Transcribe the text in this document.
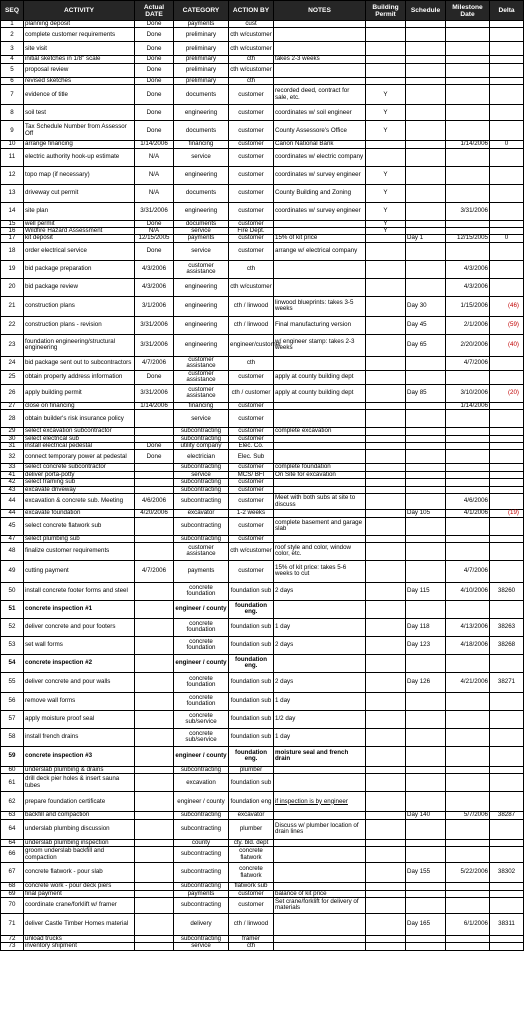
SEQ	ACTIVITY	Actual DATE	CATEGORY	ACTION BY	NOTES	Building Permit	Schedule	Milestone Date	Delta
1	planning deposit	Done	payments	cust					
2	complete customer requirements	Done	preliminary	cth w/customer					
3	site visit	Done	preliminary	cth w/customer					
4	initial sketches in 1/8" scale	Done	preliminary	cth	takes 2-3 weeks				
5	proposal review	Done	preliminary	cth w/customer					
6	revised sketches	Done	preliminary	cth					
7	evidence of title	Done	documents	customer	recorded deed, contract for sale, etc.	Y			
8	soil test	Done	engineering	customer	coordinates w/ soil engineer	Y			
9	Tax Schedule Number from Assessor Off	Done	documents	customer	County Assessore's Office	Y			
10	arrange financing	1/14/2006	financing	customer	Canon National Bank			1/14/2006	0
11	electric authority hook-up estimate	N/A	service	customer	coordinates w/ electric company				
12	topo map (if necessary)	N/A	engineering	customer	coordinates w/ survey engineer	Y			
13	driveway cut permit	N/A	documents	customer	County Building and Zoning	Y			
14	site plan	3/31/2006	engineering	customer	coordinates w/ survey engineer	Y		3/31/2006	
15	well permit	Done	documents	customer		Y			
16	Wildfire Hazard Assessment	N/A	service	Fire Dept.		Y			
17	kit deposit	12/15/2005	payments	customer	15% of kit price		Day 1	12/15/2005	0
18	order electrical service	Done	service	customer	arrange w/ electrical company				
19	bid package preparation	4/3/2006	customer assistance	cth				4/3/2006	
20	bid package review	4/3/2006	engineering	cth w/customer				4/3/2006	
21	construction plans	3/1/2006	engineering	cth / linwood	linwood blueprints: takes 3-5 weeks		Day 30	1/15/2006	(46)
22	construction plans - revision	3/31/2006	engineering	cth / linwood	Final manufacturing version		Day 45	2/1/2006	(59)
23	foundation engineering/structural engineering	3/31/2006	engineering	engineer/customer	w/ engineer stamp: takes 2-3 weeks		Day 65	2/20/2006	(40)
24	bid package sent out to subcontractors	4/7/2006	customer assistance	cth				4/7/2006	
25	obtain property address information	Done	customer assistance	customer	apply at county building dept				
26	apply building permit	3/31/2006	customer assistance	cth / customer	apply at county building dept		Day 85	3/10/2006	(20)
27	close on financing	1/14/2006	financing	customer				1/14/2006	
28	obtain builder's risk insurance policy		service	customer					
29	select excavation subcontractor		subcontracting	customer	complete excavation				
30	select electrical sub		subcontracting	customer					
31	install electrical pedestal	Done	utility company	Elec. Co.					
32	connect temporary power at pedestal	Done	electrician	Elec. Sub					
33	select concrete subcontractor		subcontracting	customer	complete foundation				
41	deliver porta-potty		service	MCS/ BFI	On Site for excavation				
42	select framing sub		subcontracting	customer					
43	excavate driveway		subcontracting	customer					
44	excavation & concrete sub. Meeting	4/6/2006	subcontracting	customer	Meet with both subs at site to discuss			4/6/2006	
44	excavate foundation	4/20/2006	excavator	1-2 weeks			Day 105	4/1/2006	(19)
45	select concrete flatwork sub		subcontracting	customer	complete basement and garage slab				
47	select plumbing sub		subcontracting	customer					
48	finalize customer requirements		customer assistance	cth w/customer	roof style and color, window color, etc.				
49	cutting payment	4/7/2006	payments	customer	15% of kit price: takes 5-6 weeks to cut			4/7/2006	
50	install concrete footer forms and steel		concrete foundation	foundation sub	2 days		Day 115	4/10/2006	38260
51	concrete inspection #1		engineer / county	foundation eng.					
52	deliver concrete and pour footers		concrete foundation	foundation sub	1 day		Day 118	4/13/2006	38263
53	set wall forms		concrete foundation	foundation sub	2 days		Day 123	4/18/2006	38268
54	concrete inspection #2		engineer / county	foundation eng.					
55	deliver concrete and pour walls		concrete foundation	foundation sub	2 days		Day 126	4/21/2006	38271
56	remove wall forms		concrete foundation	foundation sub	1 day				
57	apply moisture proof seal		concrete sub/service	foundation sub	1/2 day				
58	install french drains		concrete sub/service	foundation sub	1 day				
59	concrete inspection #3		engineer / county	foundation eng.	moisture seal and french drain				
60	underslab plumbing & drains		subcontracting	plumber					
61	drill deck pier holes & insert sauna tubes		excavation	foundation sub					
62	prepare foundation certificate		engineer / county	foundation eng	if inspection is by engineer				
63	backfill and compaction		subcontracting	excavator			Day 140	5/7/2006	38287
64	underslab plumbing discussion		subcontracting	plumber	Discuss w/ plumber location of drain lines				
64	underslab plumbing inspection		county	cty. bld. dept					
66	groom underslab backfill and compaction		subcontracting	concrete flatwork					
67	concrete flatwork - pour slab		subcontracting	concrete flatwork			Day 155	5/22/2006	38302
68	concrete work - pour deck piers		subcontracting	flatwork sub					
69	final payment		payments	customer	balance of kit price				
70	coordinate crane/forklift w/ framer		subcontracting	customer	Set crane/forklift for delivery of materials				
71	deliver Castle Timber Homes material		delivery	cth / linwood			Day 165	6/1/2006	38311
72	unload trucks		subcontracting	framer					
73	inventory shipment		service	cth					
